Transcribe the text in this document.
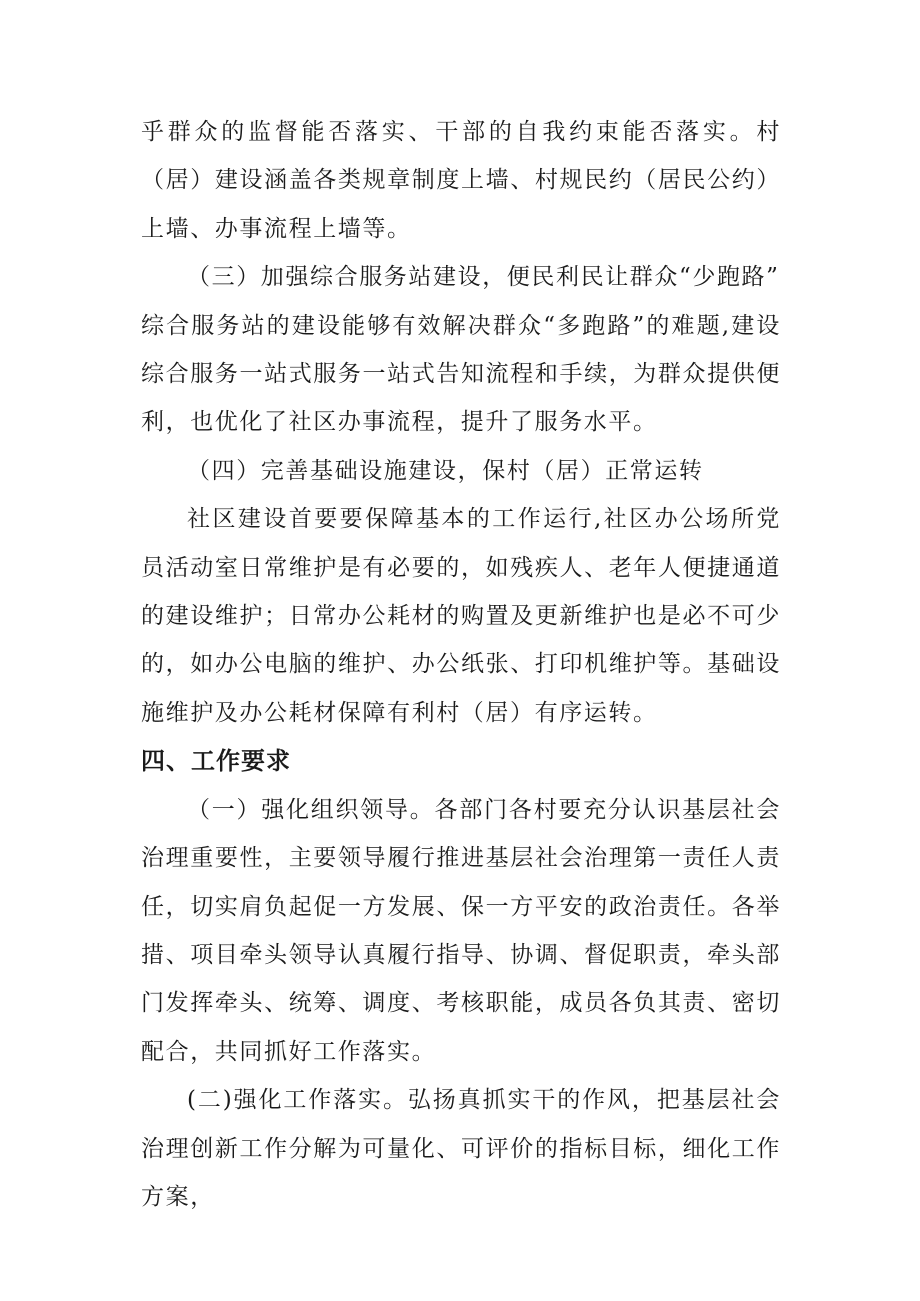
乎群众的监督能否落实、干部的自我约束能否落实。村（居）建设涵盖各类规章制度上墙、村规民约（居民公约）上墙、办事流程上墙等。

（三）加强综合服务站建设，便民利民让群众“少跑路”

综合服务站的建设能够有效解决群众“多跑路”的难题,建设综合服务一站式服务一站式告知流程和手续，为群众提供便利，也优化了社区办事流程，提升了服务水平。

（四）完善基础设施建设，保村（居）正常运转

社区建设首要要保障基本的工作运行,社区办公场所党员活动室日常维护是有必要的，如残疾人、老年人便捷通道的建设维护；日常办公耗材的购置及更新维护也是必不可少的，如办公电脑的维护、办公纸张、打印机维护等。基础设施维护及办公耗材保障有利村（居）有序运转。

四、工作要求

（一）强化组织领导。各部门各村要充分认识基层社会治理重要性，主要领导履行推进基层社会治理第一责任人责任，切实肩负起促一方发展、保一方平安的政治责任。各举措、项目牵头领导认真履行指导、协调、督促职责，牵头部门发挥牵头、统筹、调度、考核职能，成员各负其责、密切配合，共同抓好工作落实。

(二)强化工作落实。弘扬真抓实干的作风，把基层社会治理创新工作分解为可量化、可评价的指标目标，细化工作方案，
